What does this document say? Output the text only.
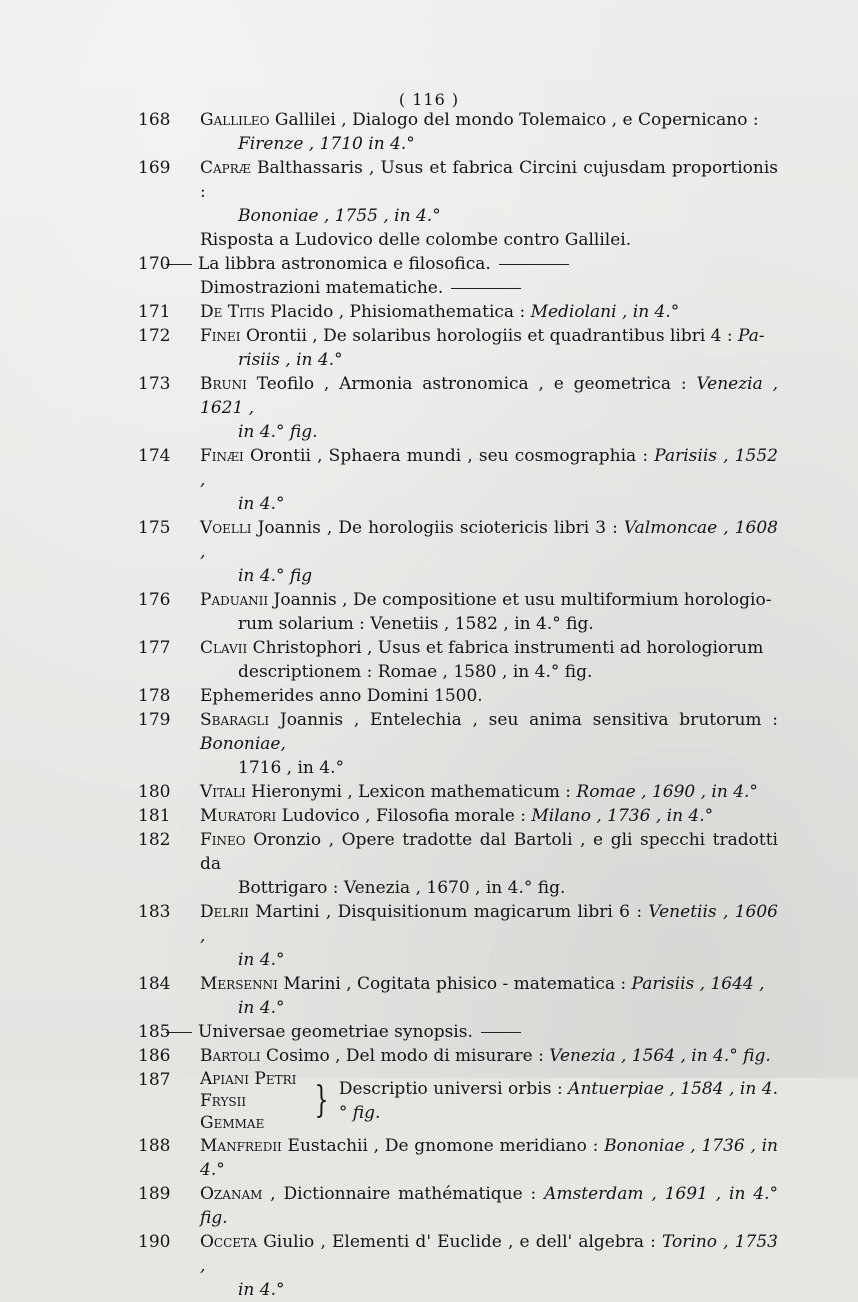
( 116 )
168	Gallileo Gallilei , Dialogo del mondo Tolemaico , e Copernicano :
Firenze , 1710 in 4.°
169	Capræ Balthassaris , Usus et fabrica Circini cujusdam proportionis :
Bononiae , 1755 , in 4.°
Risposta a Ludovico delle colombe contro Gallilei.
170	La libbra astronomica e filosofica.
Dimostrazioni matematiche.
171	De Titis Placido , Phisiomathematica : Mediolani , in 4.°
172	Finei Orontii , De solaribus horologiis et quadrantibus libri 4 : Pa-
risiis , in 4.°
173	Bruni Teofilo , Armonia astronomica , e geometrica : Venezia , 1621 ,
in 4.° fig.
174	Finæi Orontii , Sphaera mundi , seu cosmographia : Parisiis , 1552 ,
in 4.°
175	Voelli Joannis , De horologiis sciotericis libri 3 : Valmoncae , 1608 ,
in 4.° fig
176	Paduanii Joannis , De compositione et usu multiformium horologio-
rum solarium : Venetiis , 1582 , in 4.° fig.
177	Clavii Christophori , Usus et fabrica instrumenti ad horologiorum
descriptionem : Romae , 1580 , in 4.° fig.
178	Ephemerides anno Domini 1500.
179	Sbaragli Joannis , Entelechia , seu anima sensitiva brutorum : Bononiae,
1716 , in 4.°
180	Vitali Hieronymi , Lexicon mathematicum : Romae , 1690 , in 4.°
181	Muratori Ludovico , Filosofia morale : Milano , 1736 , in 4.°
182	Fineo Oronzio , Opere tradotte dal Bartoli , e gli specchi tradotti da
Bottrigaro : Venezia , 1670 , in 4.° fig.
183	Delrii Martini , Disquisitionum magicarum libri 6 : Venetiis , 1606 ,
in 4.°
184	Mersenni Marini , Cogitata phisico - matematica : Parisiis , 1644 ,
in 4.°
185	Universae geometriae synopsis.
186	Bartoli Cosimo , Del modo di misurare : Venezia , 1564 , in 4.° fig.
187	Apiani Petri
Frysii Gemmae
} Descriptio universi orbis : Antuerpiae , 1584 , in 4.° fig.
188	Manfredii Eustachii , De gnomone meridiano : Bononiae , 1736 , in 4.°
189	Ozanam , Dictionnaire mathématique : Amsterdam , 1691 , in 4.° fig.
190	Occeta Giulio , Elementi d' Euclide , e dell' algebra : Torino , 1753 ,
in 4.°
